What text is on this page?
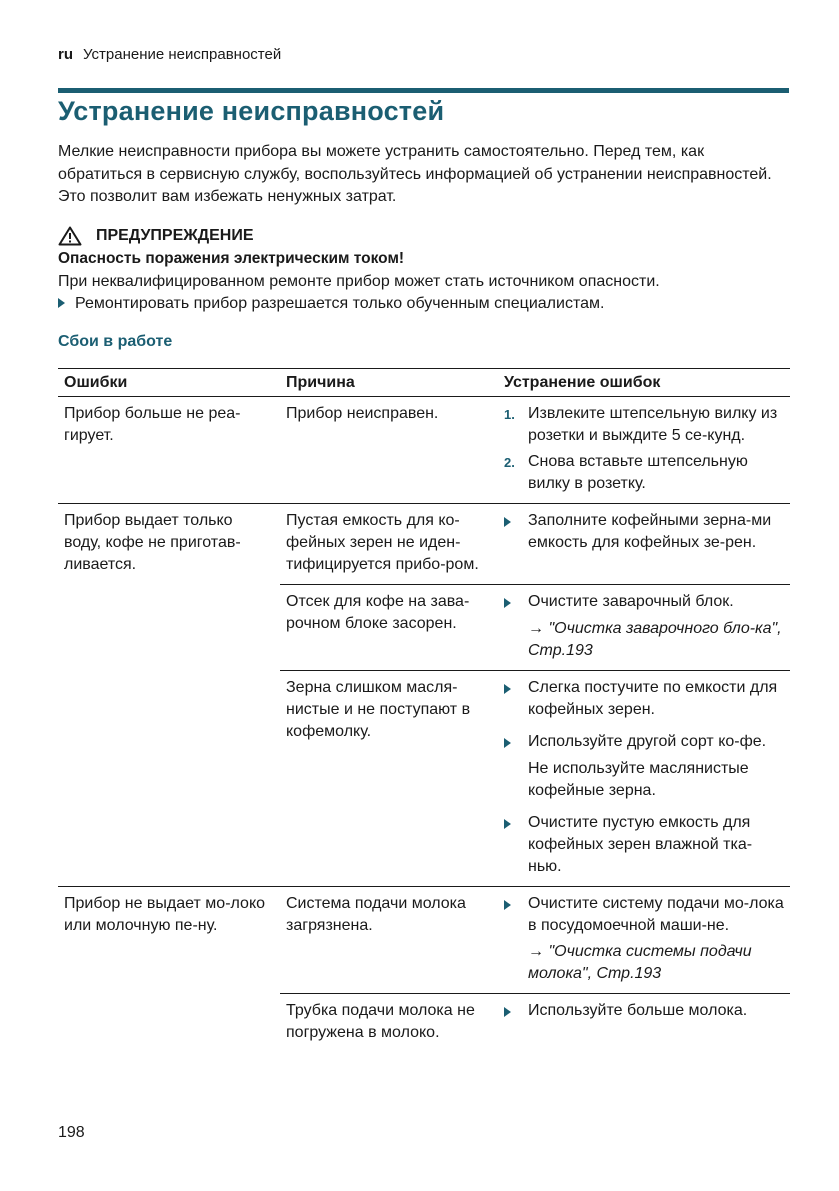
ru Устранение неисправностей
Устранение неисправностей

Мелкие неисправности прибора вы можете устранить самостоятельно. Перед тем, как обратиться в сервисную службу, воспользуйтесь информацией об устранении неисправностей. Это позволит вам избежать ненужных затрат.

ПРЕДУПРЕЖДЕНИЕ
Опасность поражения электрическим током!
При неквалифицированном ремонте прибор может стать источником опасности.
Ремонтировать прибор разрешается только обученным специалистам.
Сбои в работе
Ошибки	Причина	Устранение ошибок
Прибор больше не реа-гирует.	Прибор неисправен.	1. Извлеките штепсельную вилку из розетки и выждите 5 се-кунд.
2. Снова вставьте штепсельную вилку в розетку.

Прибор выдает только воду, кофе не приготав-ливается.	Пустая емкость для ко-фейных зерен не иден-тифицируется прибо-ром.	Заполните кофейными зерна-ми емкость для кофейных зе-рен.

	Отсек для кофе на зава-рочном блоке засорен.	Очистите заварочный блок.
→ "Очистка заварочного бло-ка", Стр.193

	Зерна слишком масля-нистые и не поступают в кофемолку.	Слегка постучите по емкости для кофейных зерен.
Используйте другой сорт ко-фе.
Не используйте маслянистые кофейные зерна.
Очистите пустую емкость для кофейных зерен влажной тка-нью.

Прибор не выдает мо-локо или молочную пе-ну.	Система подачи молока загрязнена.	Очистите систему подачи мо-лока в посудомоечной маши-не.
→ "Очистка системы подачи молока", Стр.193

	Трубка подачи молока не погружена в молоко.	Используйте больше молока.
198
